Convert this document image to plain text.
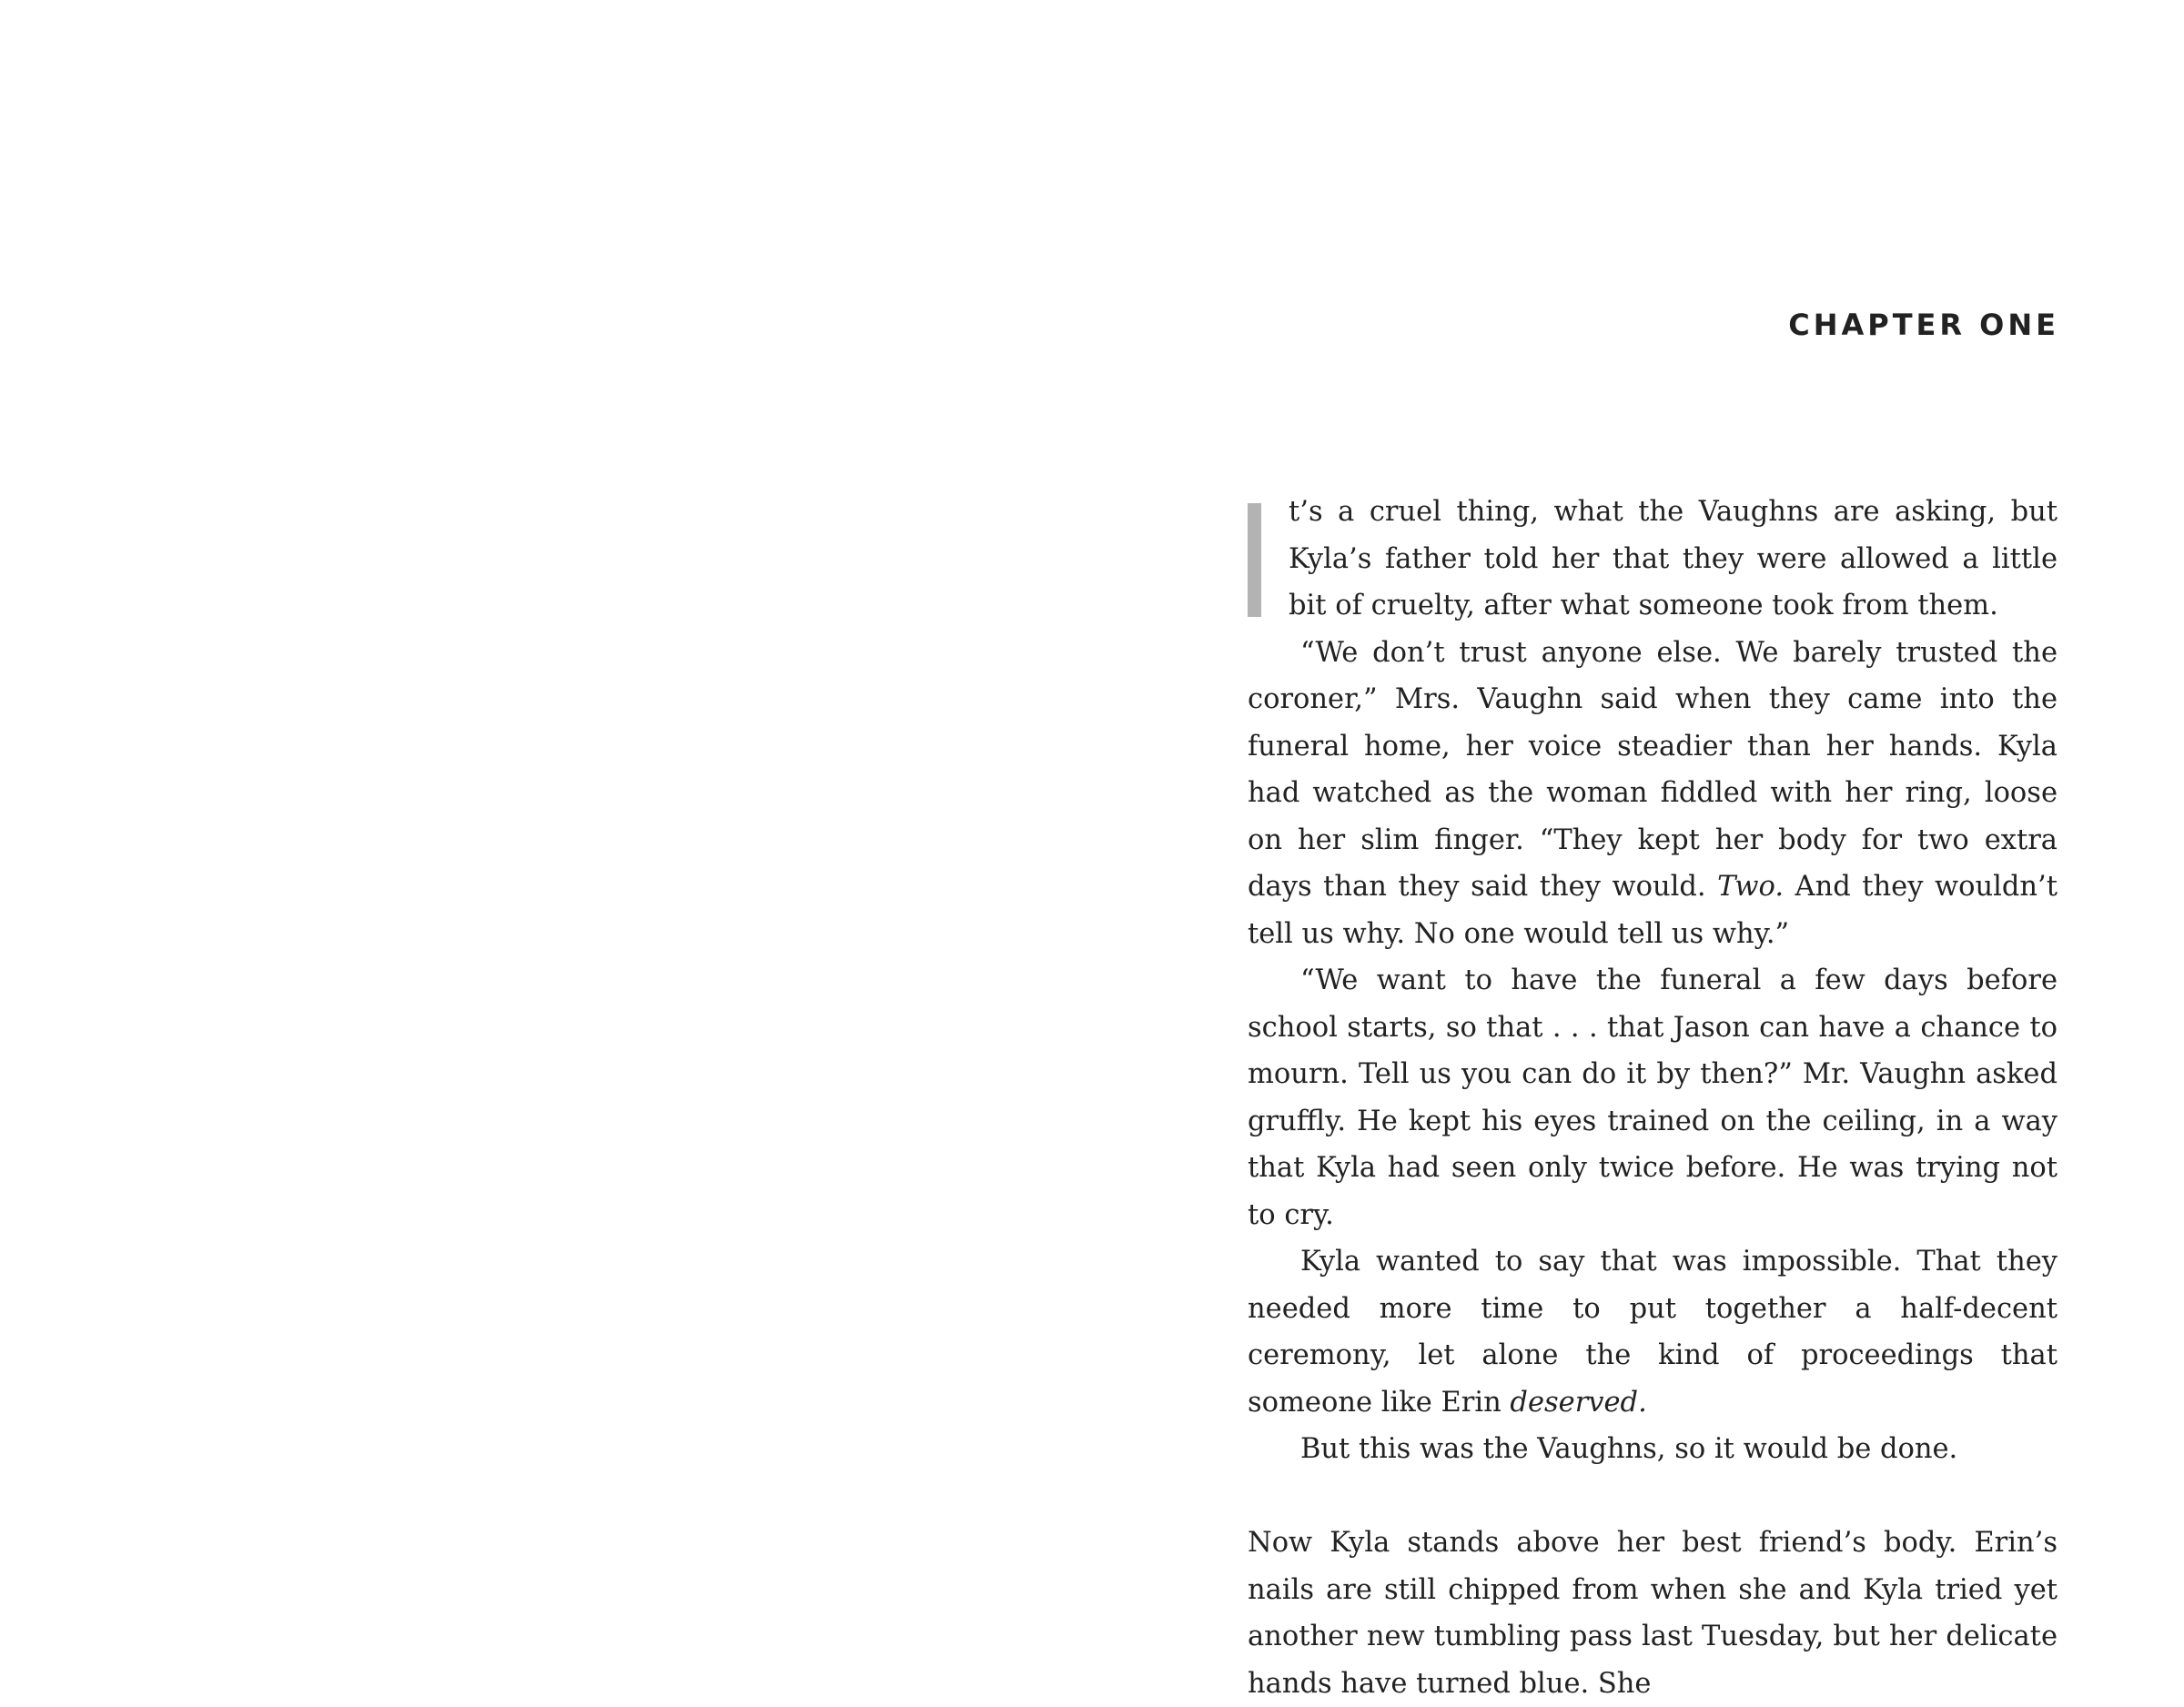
CHAPTER ONE

t’s a cruel thing, what the Vaughns are asking, but Kyla’s father told her that they were allowed a little bit of cruelty, after what someone took from them.

“We don’t trust anyone else. We barely trusted the coroner,” Mrs. Vaughn said when they came into the funeral home, her voice steadier than her hands. Kyla had watched as the woman fiddled with her ring, loose on her slim finger. “They kept her body for two extra days than they said they would. Two. And they wouldn’t tell us why. No one would tell us why.”

“We want to have the funeral a few days before school starts, so that . . . that Jason can have a chance to mourn. Tell us you can do it by then?” Mr. Vaughn asked gruffly. He kept his eyes trained on the ceiling, in a way that Kyla had seen only twice before. He was trying not to cry.

Kyla wanted to say that was impossible. That they needed more time to put together a half-decent ceremony, let alone the kind of proceedings that someone like Erin deserved.

But this was the Vaughns, so it would be done.

Now Kyla stands above her best friend’s body. Erin’s nails are still chipped from when she and Kyla tried yet another new tumbling pass last Tuesday, but her delicate hands have turned blue. She
